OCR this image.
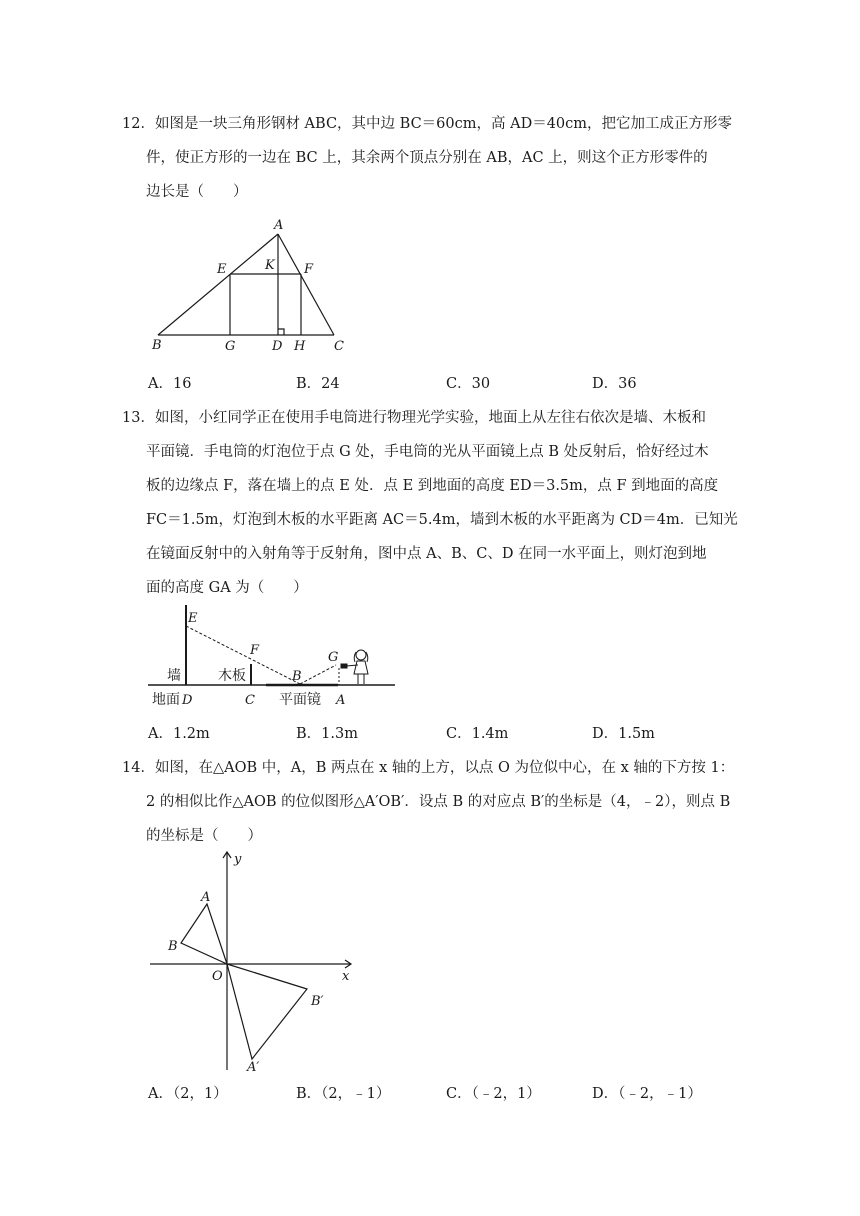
12．如图是一块三角形钢材 ABC，其中边 BC＝60cm，高 AD＝40cm，把它加工成正方形零
件，使正方形的一边在 BC 上，其余两个顶点分别在 AB，AC 上，则这个正方形零件的
边长是（　　）
A
E	K F
B	G	D H C
A．16	B．24	C．30	D．36
13．如图，小红同学正在使用手电筒进行物理光学实验，地面上从左往右依次是墙、木板和
平面镜．手电筒的灯泡位于点 G 处，手电筒的光从平面镜上点 B 处反射后，恰好经过木
板的边缘点 F，落在墙上的点 E 处．点 E 到地面的高度 ED＝3.5m，点 F 到地面的高度
FC＝1.5m，灯泡到木板的水平距离 AC＝5.4m，墙到木板的水平距离为 CD＝4m．已知光
在镜面反射中的入射角等于反射角，图中点 A、B、C、D 在同一水平面上，则灯泡到地
面的高度 GA 为（　　）
E
F	G
墙	木板	B
地面 D	C 平面镜 A
A．1.2m	B．1.3m	C．1.4m	D．1.5m
14．如图，在△AOB 中，A，B 两点在 x 轴的上方，以点 O 为位似中心，在 x 轴的下方按 1：
2 的相似比作△AOB 的位似图形△A′OB′．设点 B 的对应点 B′的坐标是（4，﹣2），则点 B
的坐标是（　　）
y
A
B
O	x
B′
A′
A．（2，1）	B．（2，﹣1）	C．（﹣2，1）	D．（﹣2，﹣1）
